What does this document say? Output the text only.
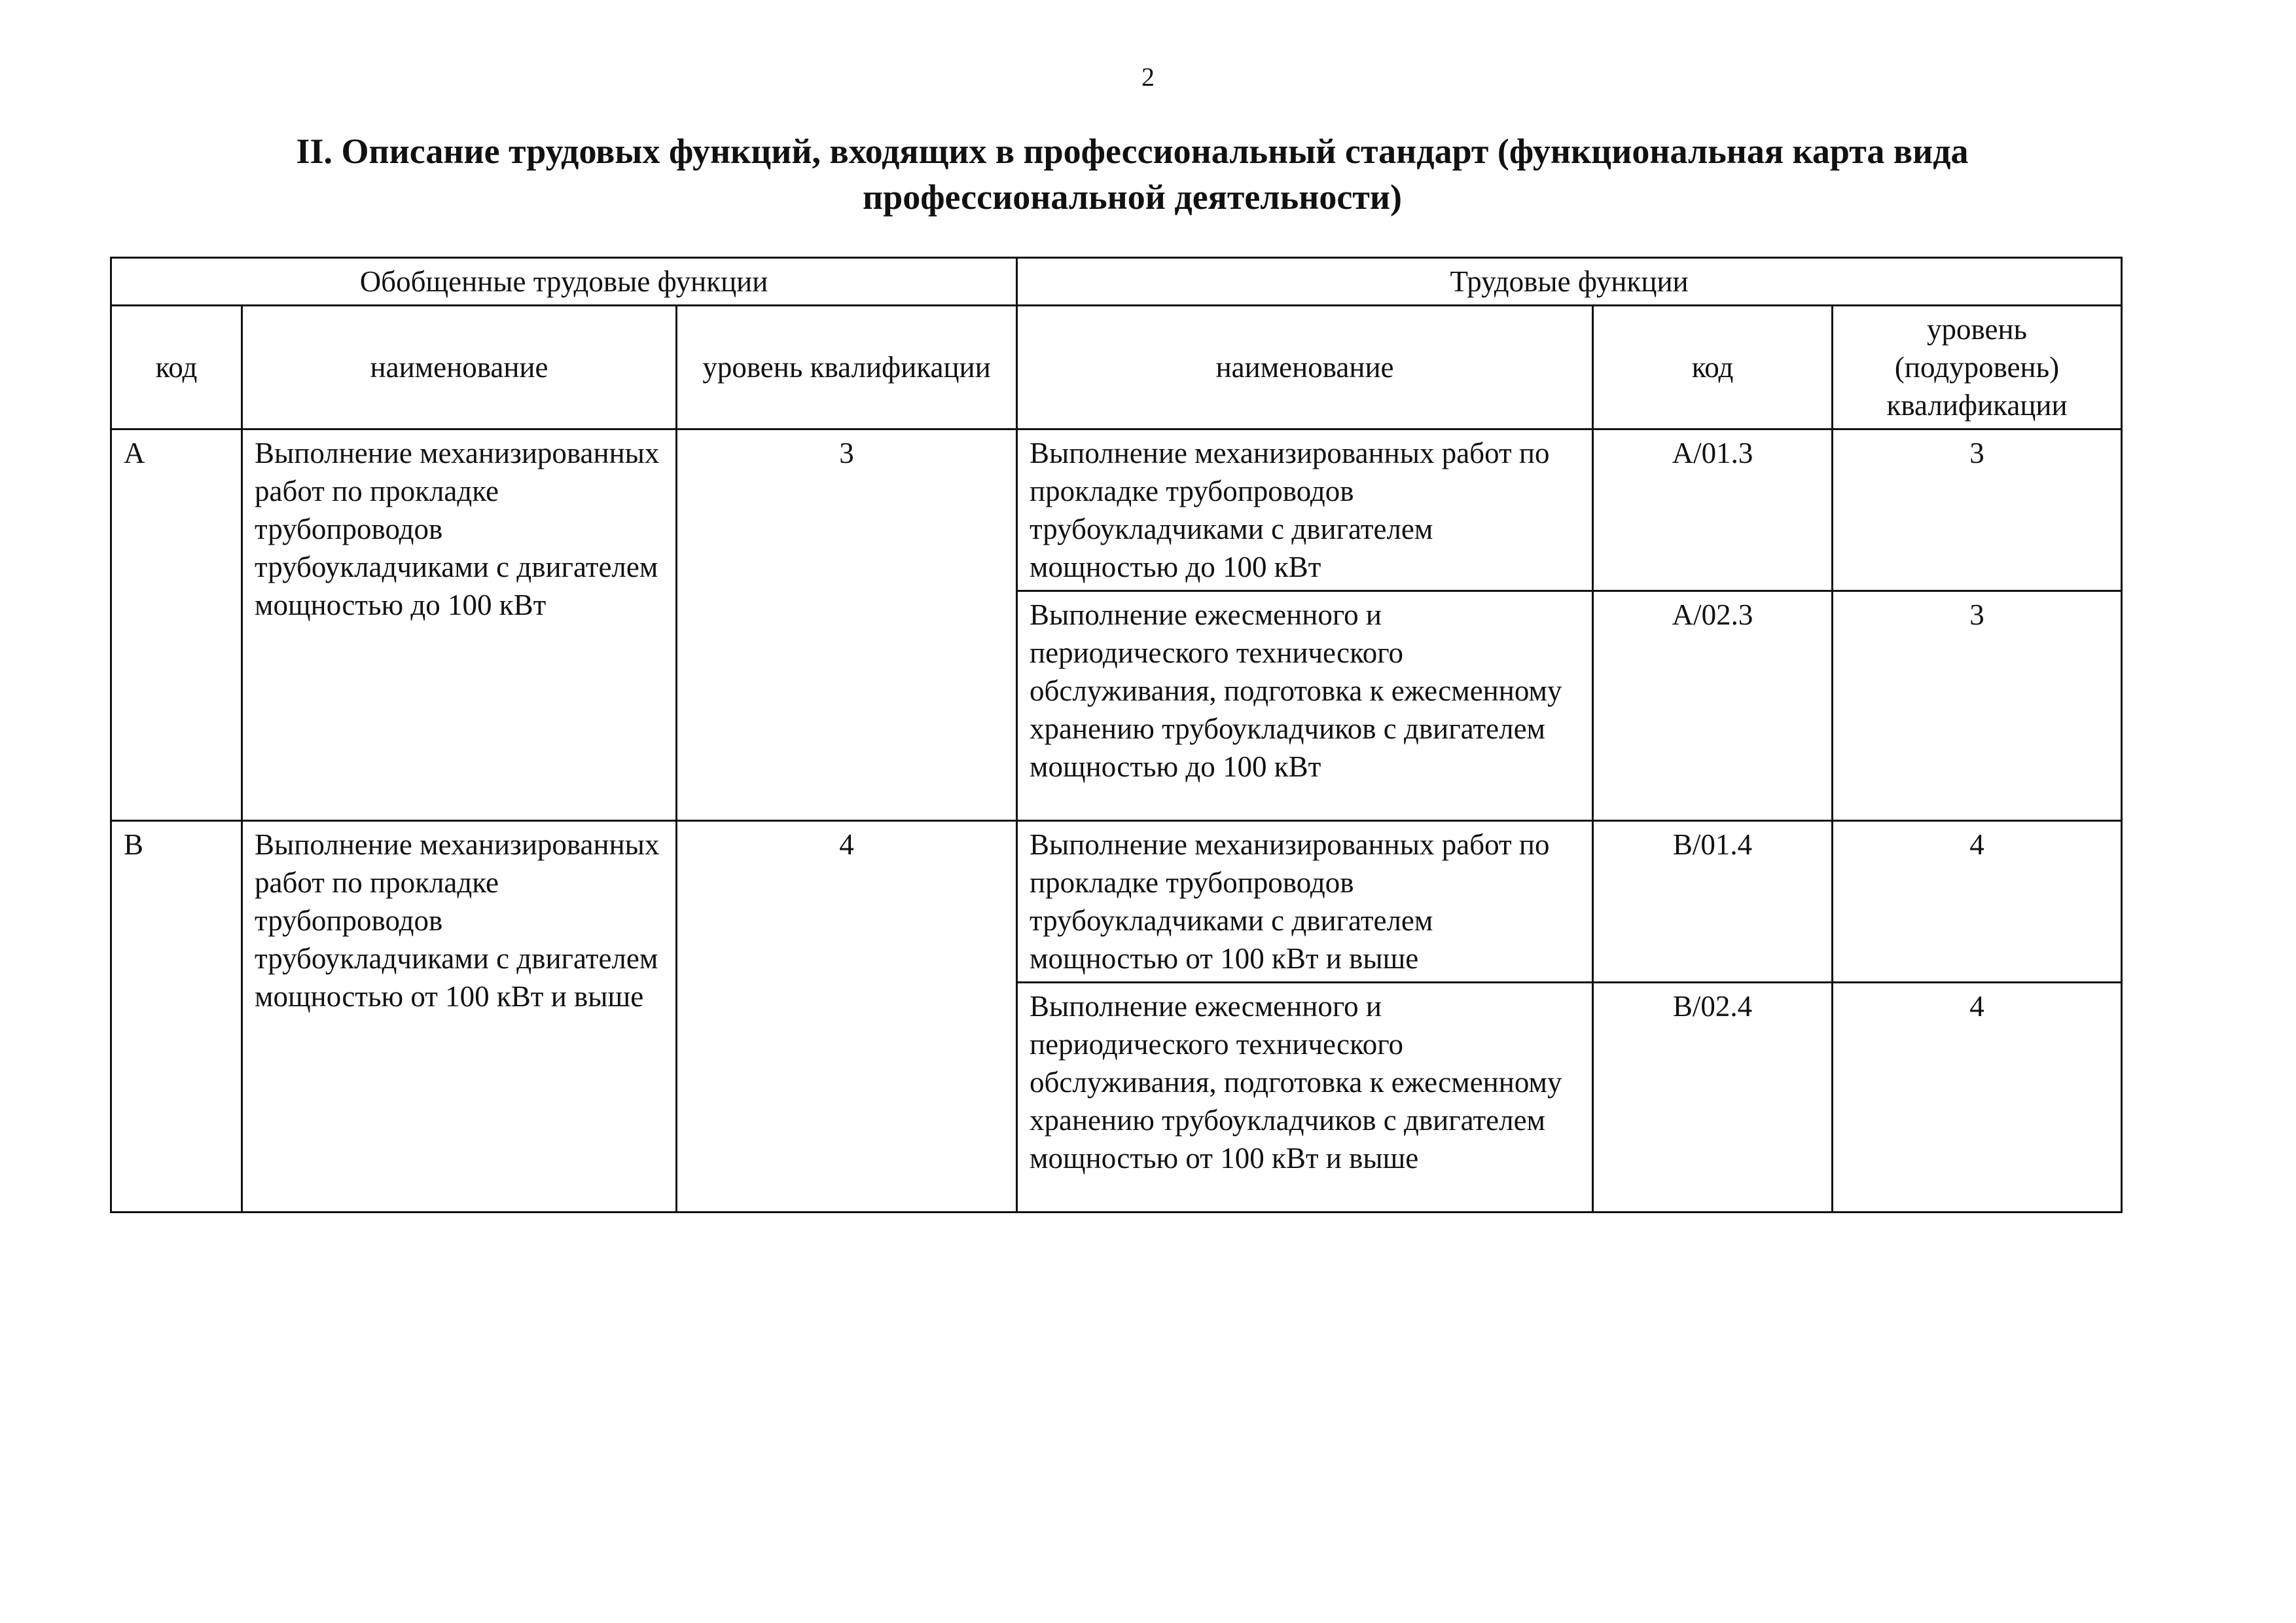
2
II. Описание трудовых функций, входящих в профессиональный стандарт (функциональная карта вида
профессиональной деятельности)
Обобщенные трудовые функции			Трудовые функции		
код	наименование	уровень квалификации	наименование	код	уровень (подуровень) квалификации
А	Выполнение механизированных работ по прокладке трубопроводов трубоукладчиками с двигателем мощностью до 100 кВт	3	Выполнение механизированных работ по прокладке трубопроводов трубоукладчиками с двигателем мощностью до 100 кВт	А/01.3	3
			Выполнение ежесменного и периодического технического обслуживания, подготовка к ежесменному хранению трубоукладчиков с двигателем мощностью до 100 кВт	А/02.3	3
В	Выполнение механизированных работ по прокладке трубопроводов трубоукладчиками с двигателем мощностью от 100 кВт и выше	4	Выполнение механизированных работ по прокладке трубопроводов трубоукладчиками с двигателем мощностью от 100 кВт и выше	В/01.4	4
			Выполнение ежесменного и периодического технического обслуживания, подготовка к ежесменному хранению трубоукладчиков с двигателем мощностью от 100 кВт и выше	В/02.4	4
